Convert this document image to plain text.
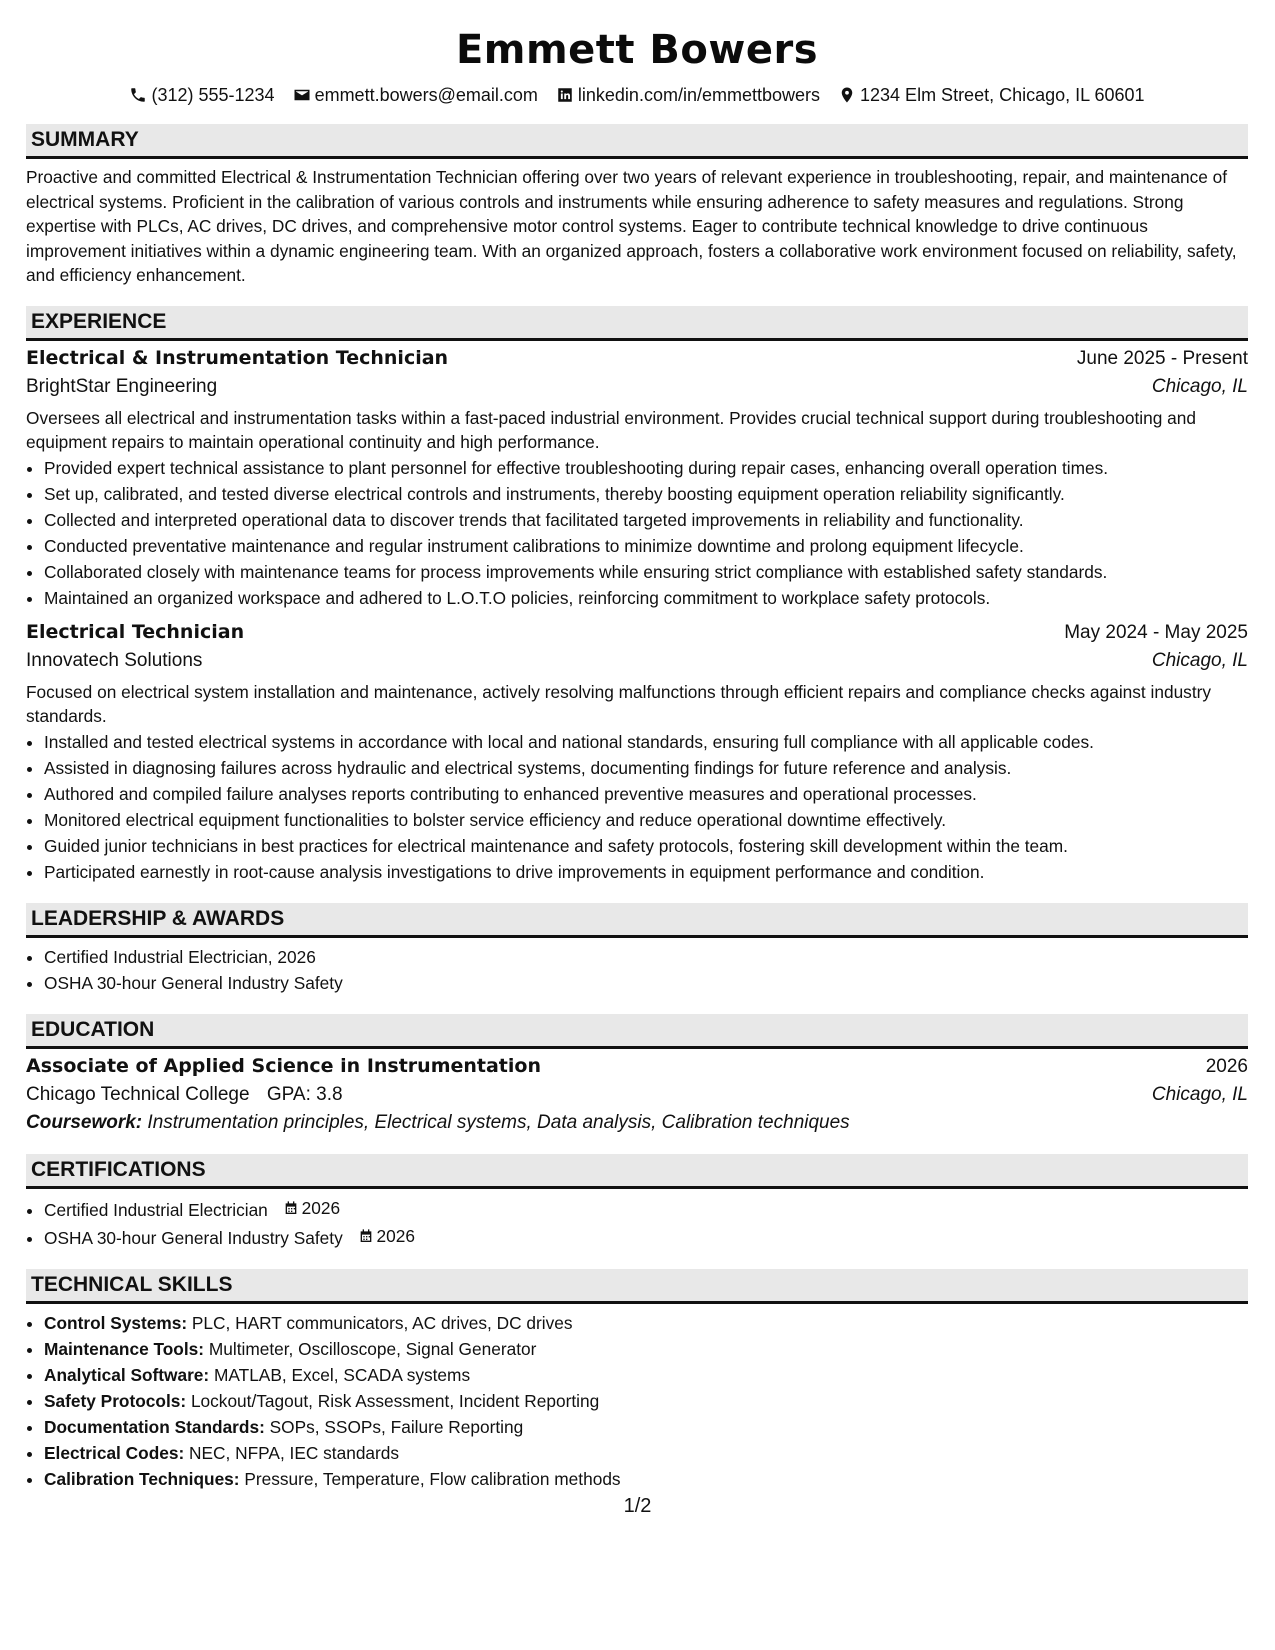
Emmett Bowers
(312) 555-1234 emmett.bowers@email.com linkedin.com/in/emmettbowers 1234 Elm Street, Chicago, IL 60601
SUMMARY
Proactive and committed Electrical & Instrumentation Technician offering over two years of relevant experience in troubleshooting, repair, and maintenance of electrical systems. Proficient in the calibration of various controls and instruments while ensuring adherence to safety measures and regulations. Strong expertise with PLCs, AC drives, DC drives, and comprehensive motor control systems. Eager to contribute technical knowledge to drive continuous improvement initiatives within a dynamic engineering team. With an organized approach, fosters a collaborative work environment focused on reliability, safety, and efficiency enhancement.
EXPERIENCE
Electrical & Instrumentation Technician	June 2025 - Present
BrightStar Engineering	Chicago, IL
Oversees all electrical and instrumentation tasks within a fast-paced industrial environment. Provides crucial technical support during troubleshooting and equipment repairs to maintain operational continuity and high performance.
• Provided expert technical assistance to plant personnel for effective troubleshooting during repair cases, enhancing overall operation times.
• Set up, calibrated, and tested diverse electrical controls and instruments, thereby boosting equipment operation reliability significantly.
• Collected and interpreted operational data to discover trends that facilitated targeted improvements in reliability and functionality.
• Conducted preventative maintenance and regular instrument calibrations to minimize downtime and prolong equipment lifecycle.
• Collaborated closely with maintenance teams for process improvements while ensuring strict compliance with established safety standards.
• Maintained an organized workspace and adhered to L.O.T.O policies, reinforcing commitment to workplace safety protocols.
Electrical Technician	May 2024 - May 2025
Innovatech Solutions	Chicago, IL
Focused on electrical system installation and maintenance, actively resolving malfunctions through efficient repairs and compliance checks against industry standards.
• Installed and tested electrical systems in accordance with local and national standards, ensuring full compliance with all applicable codes.
• Assisted in diagnosing failures across hydraulic and electrical systems, documenting findings for future reference and analysis.
• Authored and compiled failure analyses reports contributing to enhanced preventive measures and operational processes.
• Monitored electrical equipment functionalities to bolster service efficiency and reduce operational downtime effectively.
• Guided junior technicians in best practices for electrical maintenance and safety protocols, fostering skill development within the team.
• Participated earnestly in root-cause analysis investigations to drive improvements in equipment performance and condition.
LEADERSHIP & AWARDS
• Certified Industrial Electrician, 2026
• OSHA 30-hour General Industry Safety
EDUCATION
Associate of Applied Science in Instrumentation	2026
Chicago Technical College GPA: 3.8	Chicago, IL
Coursework: Instrumentation principles, Electrical systems, Data analysis, Calibration techniques
CERTIFICATIONS
• Certified Industrial Electrician 2026
• OSHA 30-hour General Industry Safety 2026
TECHNICAL SKILLS
• Control Systems: PLC, HART communicators, AC drives, DC drives
• Maintenance Tools: Multimeter, Oscilloscope, Signal Generator
• Analytical Software: MATLAB, Excel, SCADA systems
• Safety Protocols: Lockout/Tagout, Risk Assessment, Incident Reporting
• Documentation Standards: SOPs, SSOPs, Failure Reporting
• Electrical Codes: NEC, NFPA, IEC standards
• Calibration Techniques: Pressure, Temperature, Flow calibration methods
1/2
